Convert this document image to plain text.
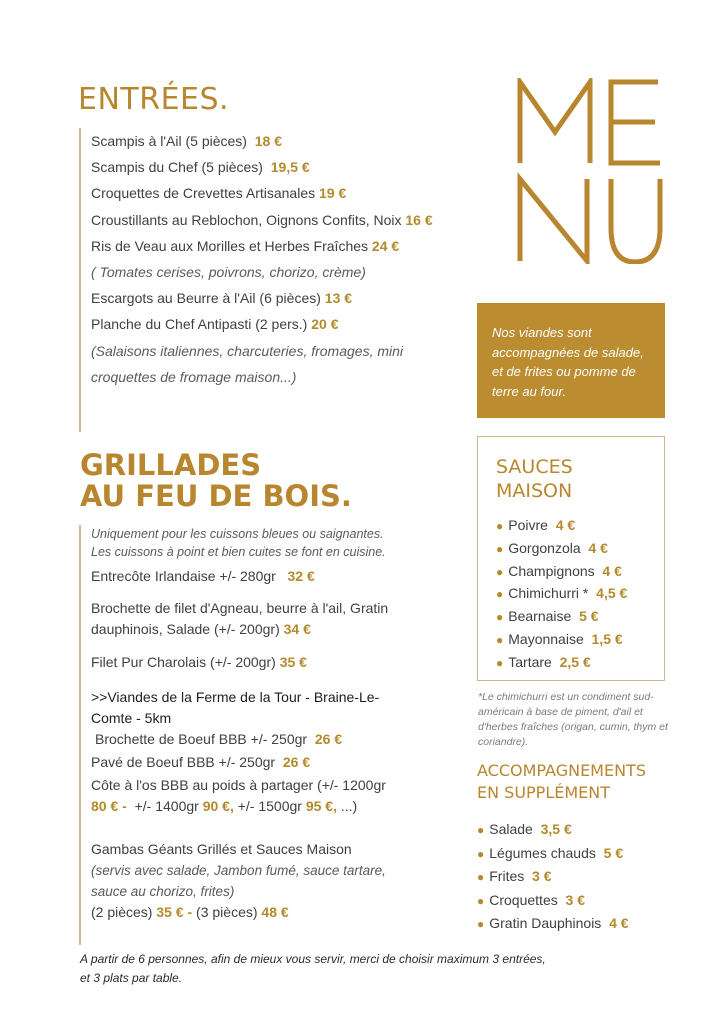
ENTRÉES.
Scampis à l'Ail (5 pièces) 18 €
Scampis du Chef (5 pièces) 19,5 €
Croquettes de Crevettes Artisanales 19 €
Croustillants au Reblochon, Oignons Confits, Noix 16 €
Ris de Veau aux Morilles et Herbes Fraîches 24 €
( Tomates cerises, poivrons, chorizo, crème)
Escargots au Beurre à l'Ail (6 pièces) 13 €
Planche du Chef Antipasti (2 pers.) 20 €
(Salaisons italiennes, charcuteries, fromages, mini
croquettes de fromage maison...)
GRILLADES
AU FEU DE BOIS.
Uniquement pour les cuissons bleues ou saignantes.
Les cuissons à point et bien cuites se font en cuisine.
Entrecôte Irlandaise +/- 280gr 32 €
Brochette de filet d'Agneau, beurre à l'ail, Gratin
dauphinois, Salade (+/- 200gr) 34 €
Filet Pur Charolais (+/- 200gr) 35 €
>>Viandes de la Ferme de la Tour - Braine-Le-
Comte - 5km
Brochette de Boeuf BBB +/- 250gr 26 €
Pavé de Boeuf BBB +/- 250gr 26 €
Côte à l'os BBB au poids à partager (+/- 1200gr
80 € -  +/- 1400gr 90 €, +/- 1500gr 95 €, ...)
Gambas Géants Grillés et Sauces Maison
(servis avec salade, Jambon fumé, sauce tartare,
sauce au chorizo, frites)
(2 pièces) 35 € - (3 pièces) 48 €
A partir de 6 personnes, afin de mieux vous servir, merci de choisir maximum 3 entrées,
et 3 plats par table.

Nos viandes sont accompagnées de salade, et de frites ou pomme de terre au four.

SAUCES
MAISON
● Poivre 4 €
● Gorgonzola 4 €
● Champignons 4 €
● Chimichurri * 4,5 €
● Bearnaise 5 €
● Mayonnaise 1,5 €
● Tartare 2,5 €

*Le chimichurri est un condiment sud-américain à base de piment, d'ail et d'herbes fraîches (origan, cumin, thym et coriandre).

ACCOMPAGNEMENTS
EN SUPPLÉMENT
● Salade 3,5 €
● Légumes chauds 5 €
● Frites 3 €
● Croquettes 3 €
● Gratin Dauphinois 4 €
